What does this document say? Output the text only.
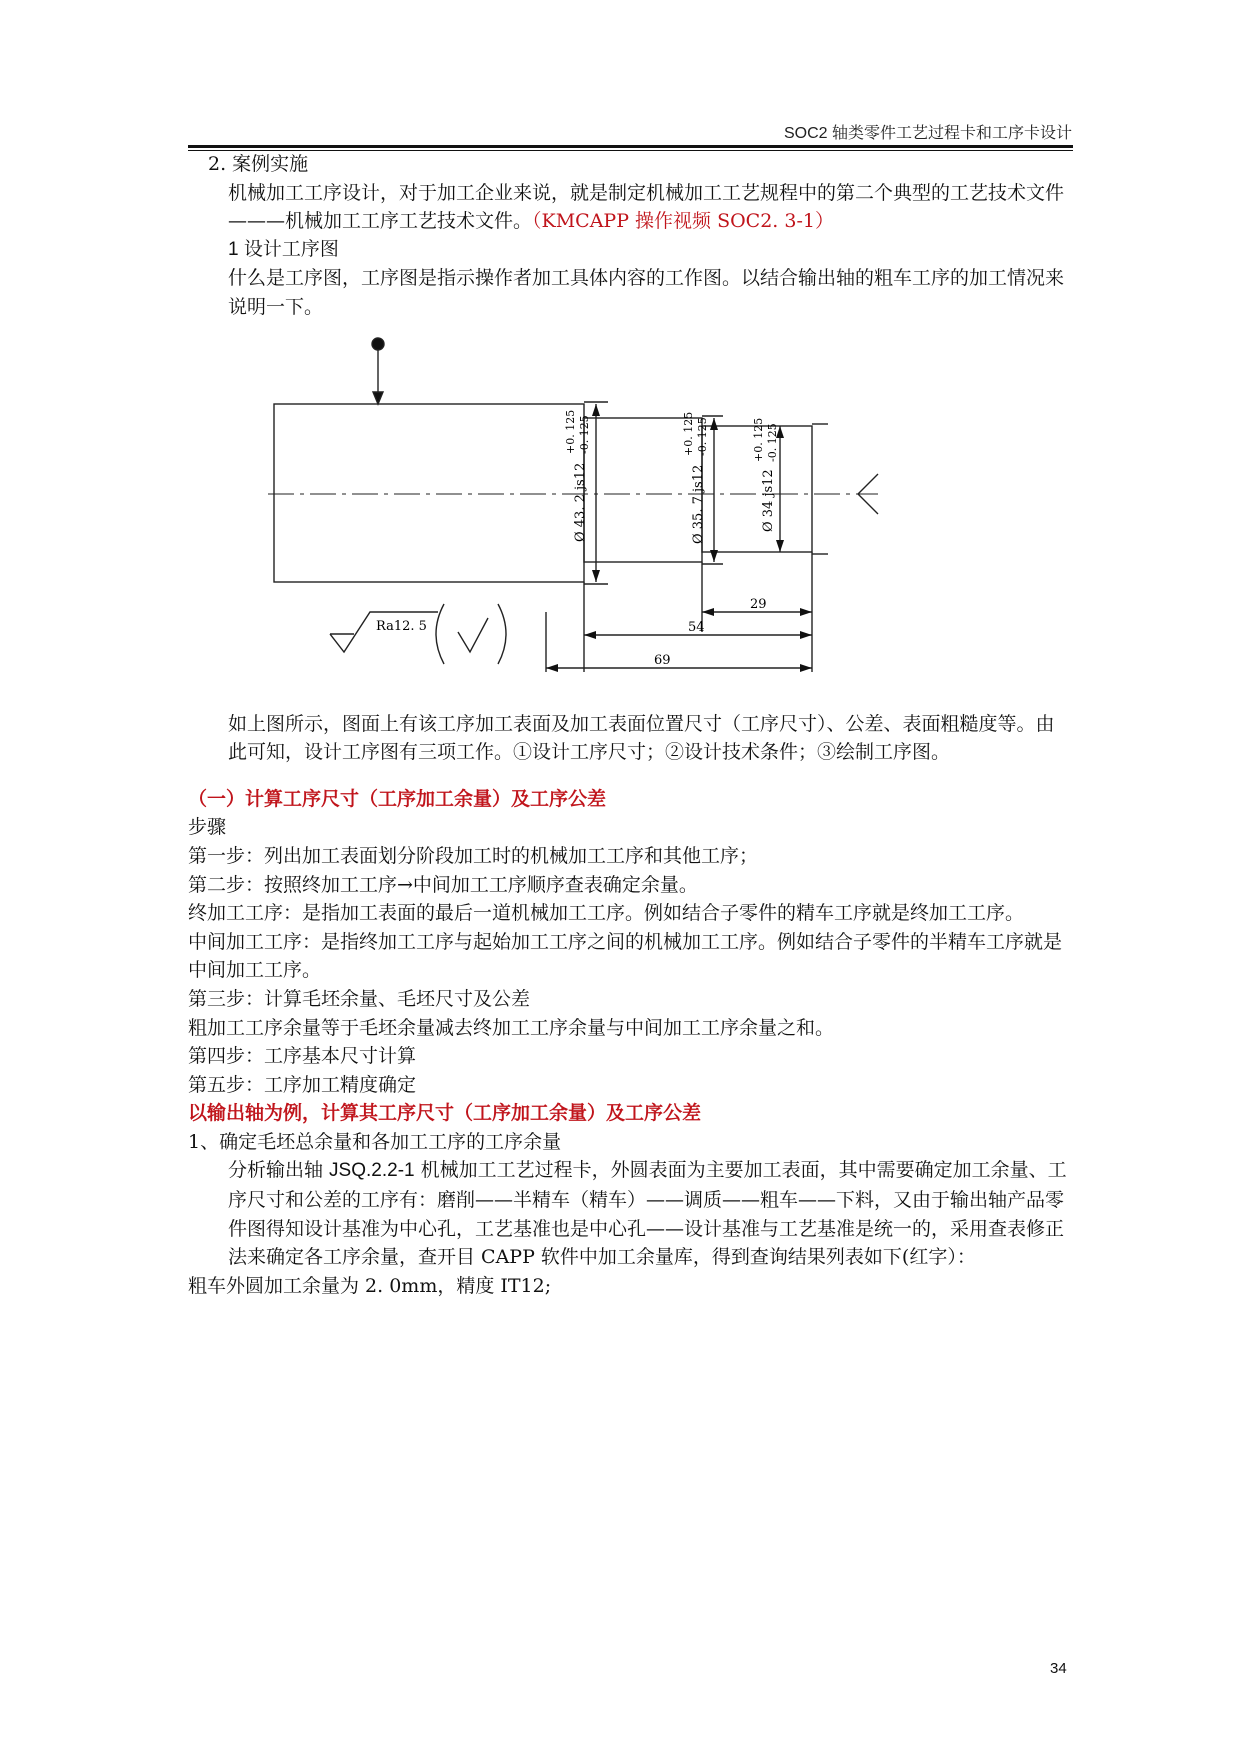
SOC2 轴类零件工艺过程卡和工序卡设计

2. 案例实施

机械加工工序设计，对于加工企业来说，就是制定机械加工工艺规程中的第二个典型的工艺技术文件———机械加工工序工艺技术文件。（KMCAPP 操作视频 SOC2. 3-1）

1 设计工序图

什么是工序图，工序图是指示操作者加工具体内容的工作图。以结合输出轴的粗车工序的加工情况来说明一下。

Ø 43. 2 js12
+0. 125 -0. 125
Ø 35. 7 js12
+0. 125 -0. 125
Ø 34 js12
+0. 125 -0. 125
29
54
69
Ra12. 5

如上图所示，图面上有该工序加工表面及加工表面位置尺寸（工序尺寸）、公差、表面粗糙度等。由此可知，设计工序图有三项工作。①设计工序尺寸；②设计技术条件；③绘制工序图。

（一）计算工序尺寸（工序加工余量）及工序公差

步骤

第一步：列出加工表面划分阶段加工时的机械加工工序和其他工序；

第二步：按照终加工工序→中间加工工序顺序查表确定余量。

终加工工序：是指加工表面的最后一道机械加工工序。例如结合子零件的精车工序就是终加工工序。

中间加工工序：是指终加工工序与起始加工工序之间的机械加工工序。例如结合子零件的半精车工序就是中间加工工序。

第三步：计算毛坯余量、毛坯尺寸及公差

粗加工工序余量等于毛坯余量减去终加工工序余量与中间加工工序余量之和。

第四步：工序基本尺寸计算

第五步：工序加工精度确定

以输出轴为例，计算其工序尺寸（工序加工余量）及工序公差

1、确定毛坯总余量和各加工工序的工序余量

分析输出轴 JSQ.2.2-1 机械加工工艺过程卡，外圆表面为主要加工表面，其中需要确定加工余量、工序尺寸和公差的工序有：磨削——半精车（精车）——调质——粗车——下料，又由于输出轴产品零件图得知设计基准为中心孔，工艺基准也是中心孔——设计基准与工艺基准是统一的，采用查表修正法来确定各工序余量，查开目 CAPP 软件中加工余量库，得到查询结果列表如下(红字）：

粗车外圆加工余量为 2. 0mm，精度 IT12;

34
